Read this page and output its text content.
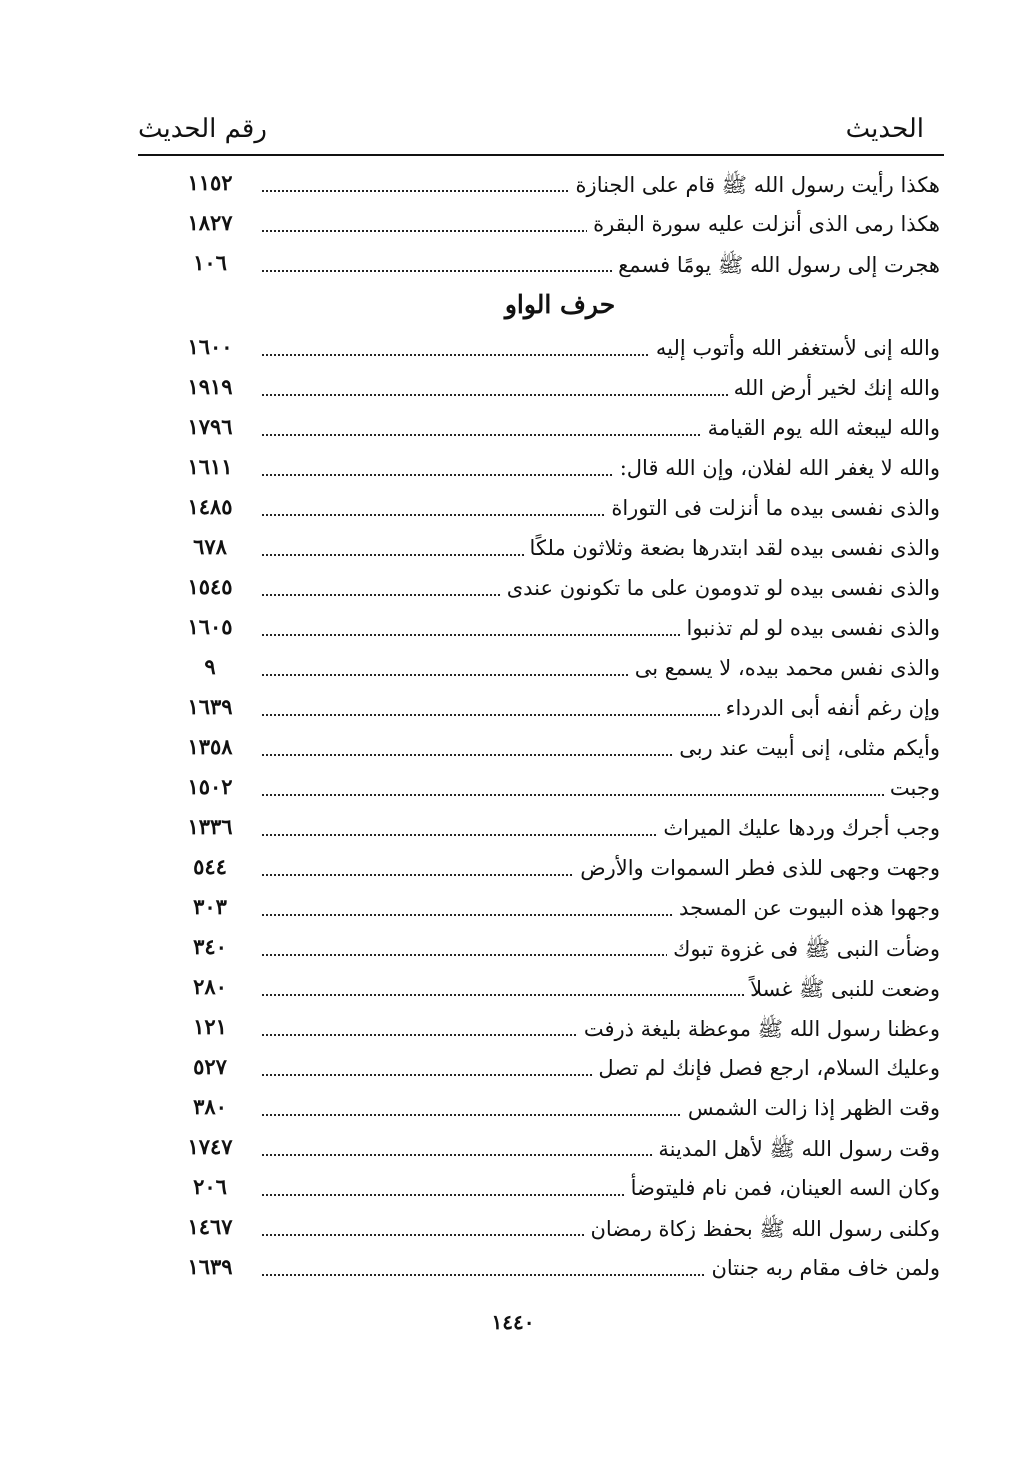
الحديث
رقم الحديث
هكذا رأيت رسول الله ﷺ قام على الجنازة
١١٥٢
هكذا رمى الذى أنزلت عليه سورة البقرة
١٨٢٧
هجرت إلى رسول الله ﷺ يومًا فسمع
١٠٦
حرف الواو
والله إنى لأستغفر الله وأتوب إليه
١٦٠٠
والله إنك لخير أرض الله
١٩١٩
والله ليبعثه الله يوم القيامة
١٧٩٦
والله لا يغفر الله لفلان، وإن الله قال:
١٦١١
والذى نفسى بيده ما أنزلت فى التوراة
١٤٨٥
والذى نفسى بيده لقد ابتدرها بضعة وثلاثون ملكًا
٦٧٨
والذى نفسى بيده لو تدومون على ما تكونون عندى
١٥٤٥
والذى نفسى بيده لو لم تذنبوا
١٦٠٥
والذى نفس محمد بيده، لا يسمع بى
٩
وإن رغم أنفه أبى الدرداء
١٦٣٩
وأيكم مثلى، إنى أبيت عند ربى
١٣٥٨
وجبت
١٥٠٢
وجب أجرك وردها عليك الميراث
١٣٣٦
وجهت وجهى للذى فطر السموات والأرض
٥٤٤
وجهوا هذه البيوت عن المسجد
٣٠٣
وضأت النبى ﷺ فى غزوة تبوك
٣٤٠
وضعت للنبى ﷺ غسلاً
٢٨٠
وعظنا رسول الله ﷺ موعظة بليغة ذرفت
١٢١
وعليك السلام، ارجع فصل فإنك لم تصل
٥٢٧
وقت الظهر إذا زالت الشمس
٣٨٠
وقت رسول الله ﷺ لأهل المدينة
١٧٤٧
وكان السه العينان، فمن نام فليتوضأ
٢٠٦
وكلنى رسول الله ﷺ بحفظ زكاة رمضان
١٤٦٧
ولمن خاف مقام ربه جنتان
١٦٣٩
١٤٤٠
